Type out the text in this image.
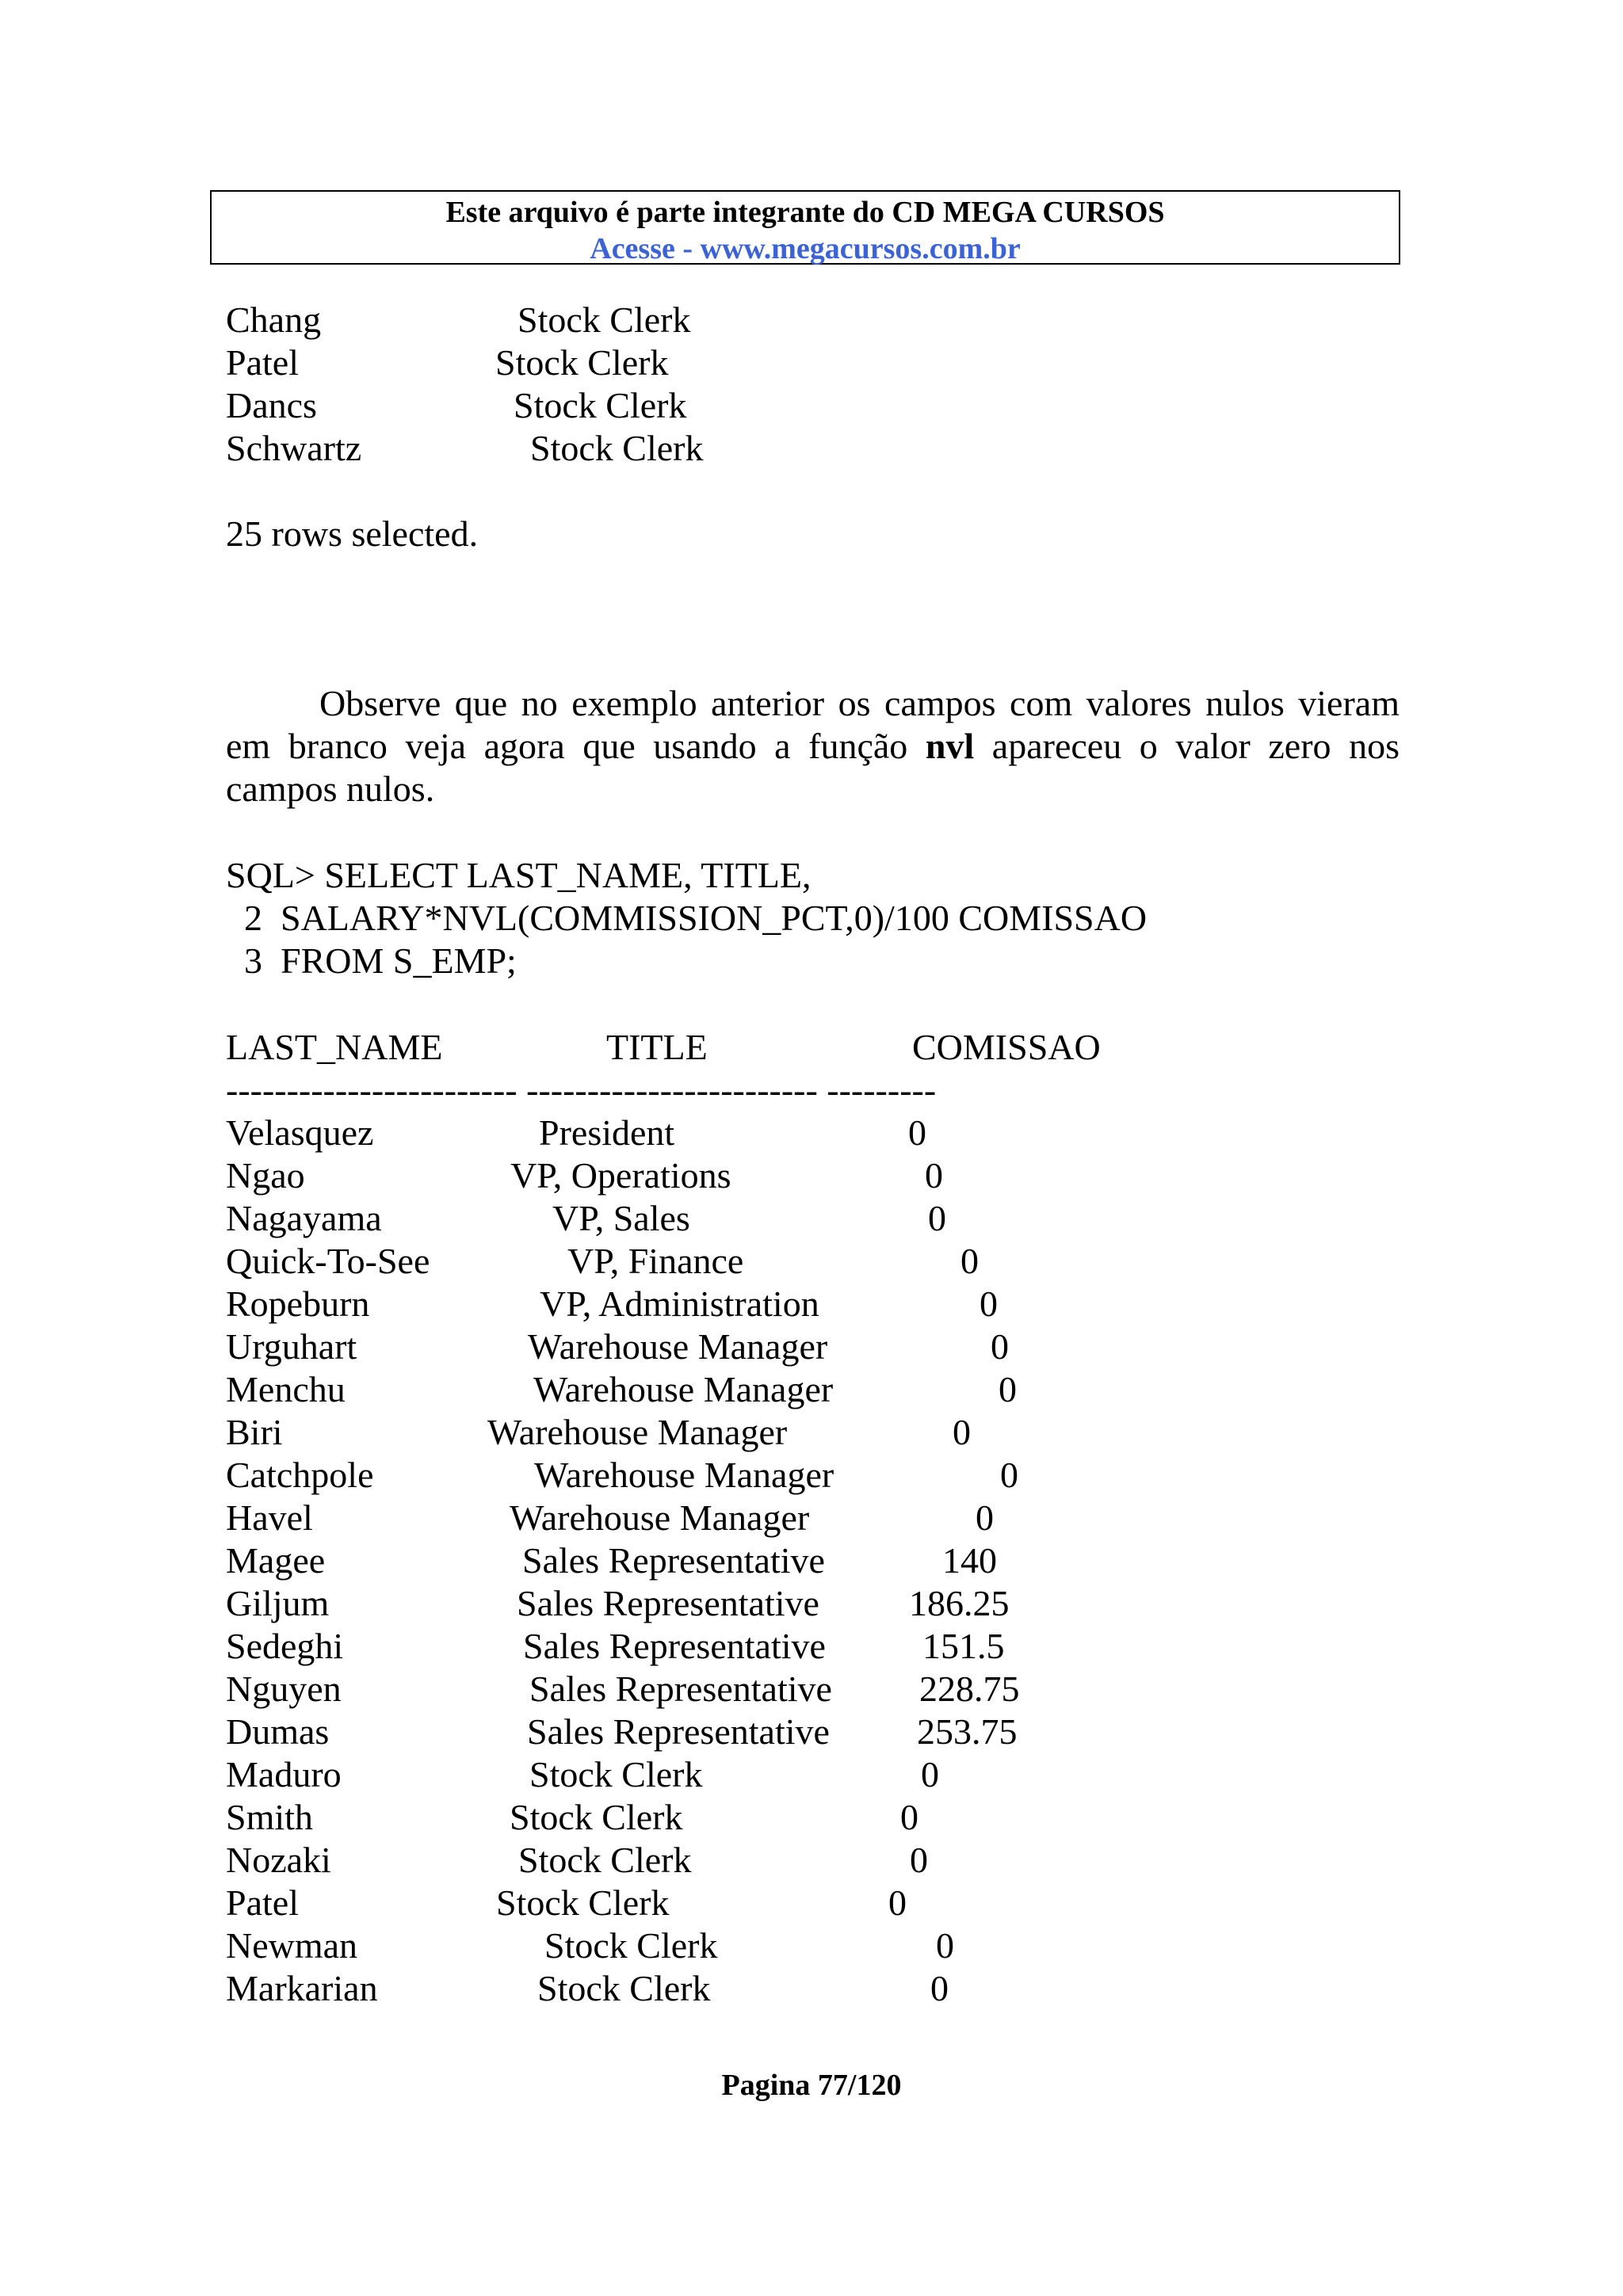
Este arquivo é parte integrante do CD MEGA CURSOS
Acesse - www.megacursos.com.br
Chang	Stock Clerk
Patel	Stock Clerk
Dancs	Stock Clerk
Schwartz	Stock Clerk
25 rows selected.

Observe que no exemplo anterior os campos com valores nulos vieram em branco veja agora que usando a função nvl apareceu o valor zero nos campos nulos.

SQL> SELECT LAST_NAME, TITLE,
2  SALARY*NVL(COMMISSION_PCT,0)/100 COMISSAO
3  FROM S_EMP;
LAST_NAME	TITLE	COMISSAO
------------------------ ------------------------ ---------
Velasquez	President	0
Ngao	VP, Operations	0
Nagayama	VP, Sales	0
Quick-To-See	VP, Finance	0
Ropeburn	VP, Administration	0
Urguhart	Warehouse Manager	0
Menchu	Warehouse Manager	0
Biri	Warehouse Manager	0
Catchpole	Warehouse Manager	0
Havel	Warehouse Manager	0
Magee	Sales Representative	140
Giljum	Sales Representative 186.25
Sedeghi	Sales Representative	151.5
Nguyen	Sales Representative 228.75
Dumas	Sales Representative 253.75
Maduro	Stock Clerk	0
Smith	Stock Clerk	0
Nozaki	Stock Clerk	0
Patel	Stock Clerk	0
Newman	Stock Clerk	0
Markarian	Stock Clerk	0
Pagina 77/120
